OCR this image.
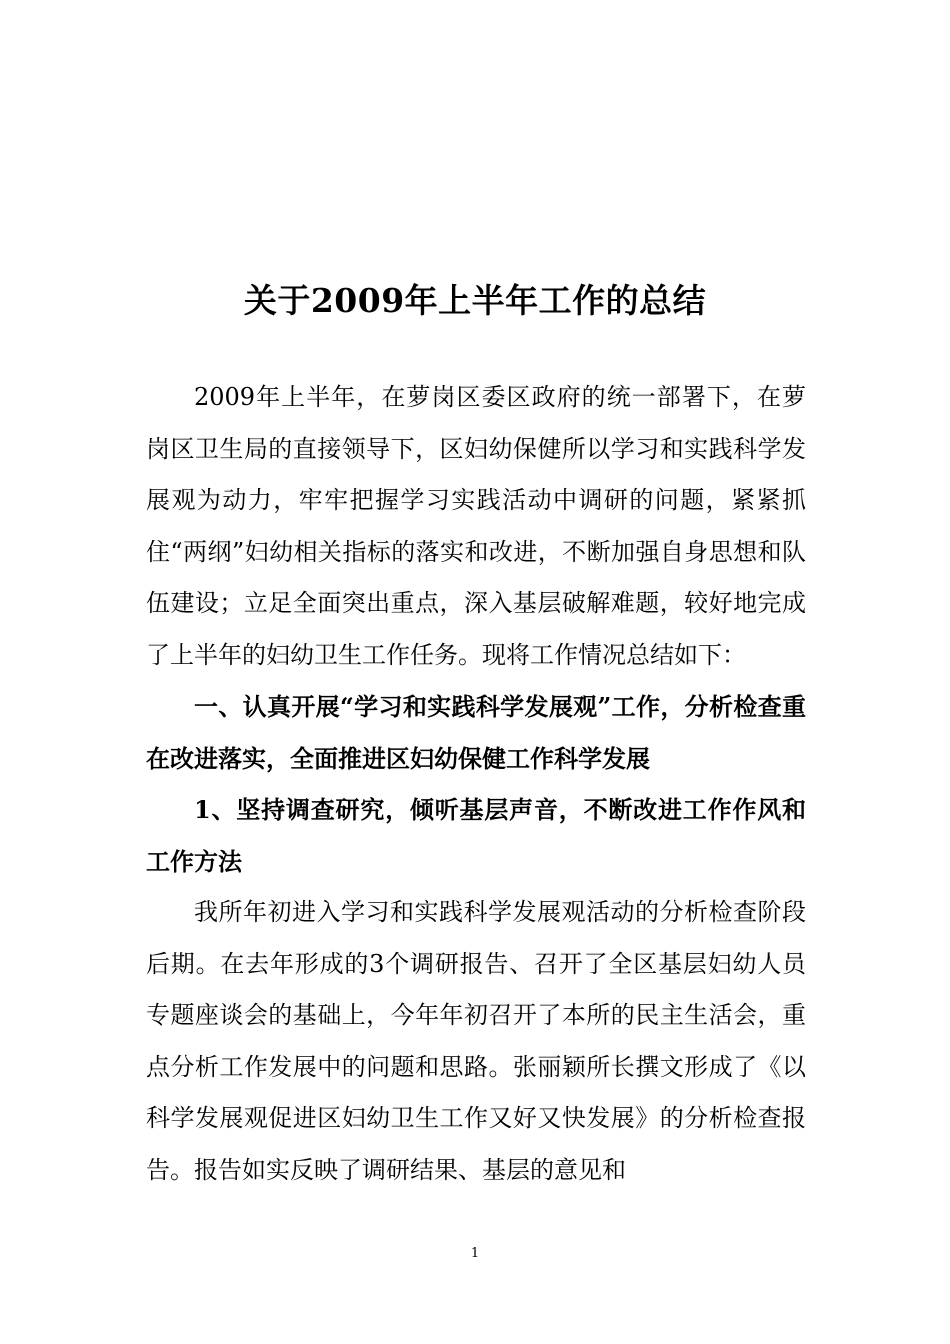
关于2009年上半年工作的总结

2009年上半年，在萝岗区委区政府的统一部署下，在萝岗区卫生局的直接领导下，区妇幼保健所以学习和实践科学发展观为动力，牢牢把握学习实践活动中调研的问题，紧紧抓住“两纲”妇幼相关指标的落实和改进，不断加强自身思想和队伍建设；立足全面突出重点，深入基层破解难题，较好地完成了上半年的妇幼卫生工作任务。现将工作情况总结如下：

一、认真开展“学习和实践科学发展观”工作，分析检查重在改进落实，全面推进区妇幼保健工作科学发展

1、坚持调查研究，倾听基层声音，不断改进工作作风和工作方法

我所年初进入学习和实践科学发展观活动的分析检查阶段后期。在去年形成的3个调研报告、召开了全区基层妇幼人员专题座谈会的基础上，今年年初召开了本所的民主生活会，重点分析工作发展中的问题和思路。张丽颖所长撰文形成了《以科学发展观促进区妇幼卫生工作又好又快发展》的分析检查报告。报告如实反映了调研结果、基层的意见和

1
